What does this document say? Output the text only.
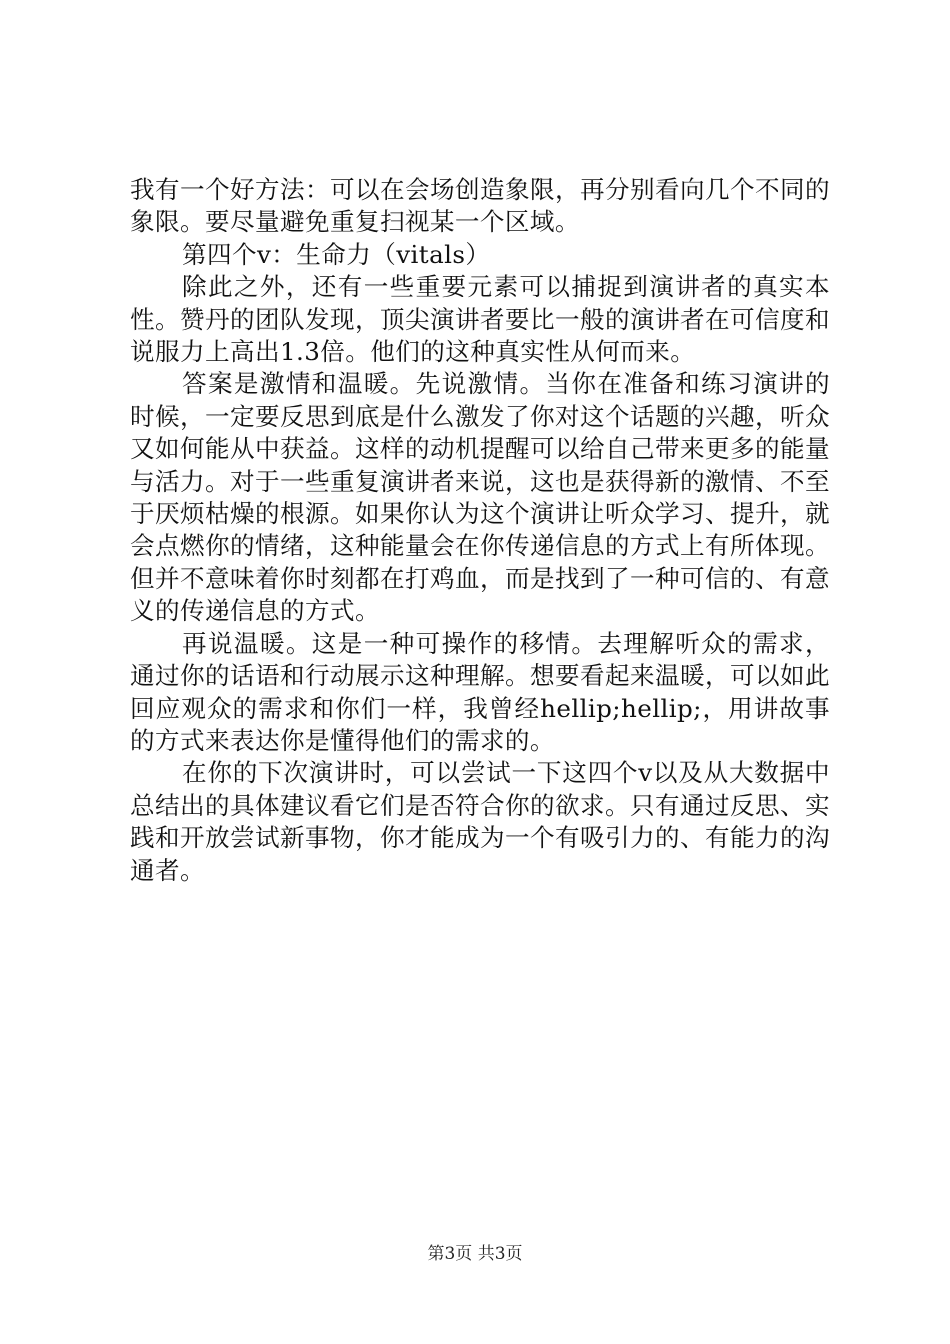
我有一个好方法：可以在会场创造象限，再分别看向几个不同的象限。要尽量避免重复扫视某一个区域。

第四个v：生命力（vitals）

除此之外，还有一些重要元素可以捕捉到演讲者的真实本性。赞丹的团队发现，顶尖演讲者要比一般的演讲者在可信度和说服力上高出1.3倍。他们的这种真实性从何而来。

答案是激情和温暖。先说激情。当你在准备和练习演讲的时候，一定要反思到底是什么激发了你对这个话题的兴趣，听众又如何能从中获益。这样的动机提醒可以给自己带来更多的能量与活力。对于一些重复演讲者来说，这也是获得新的激情、不至于厌烦枯燥的根源。如果你认为这个演讲让听众学习、提升，就会点燃你的情绪，这种能量会在你传递信息的方式上有所体现。但并不意味着你时刻都在打鸡血，而是找到了一种可信的、有意义的传递信息的方式。

再说温暖。这是一种可操作的移情。去理解听众的需求，通过你的话语和行动展示这种理解。想要看起来温暖，可以如此回应观众的需求和你们一样，我曾经hellip;hellip;，用讲故事的方式来表达你是懂得他们的需求的。

在你的下次演讲时，可以尝试一下这四个v以及从大数据中总结出的具体建议看它们是否符合你的欲求。只有通过反思、实践和开放尝试新事物，你才能成为一个有吸引力的、有能力的沟通者。

第3页 共3页
